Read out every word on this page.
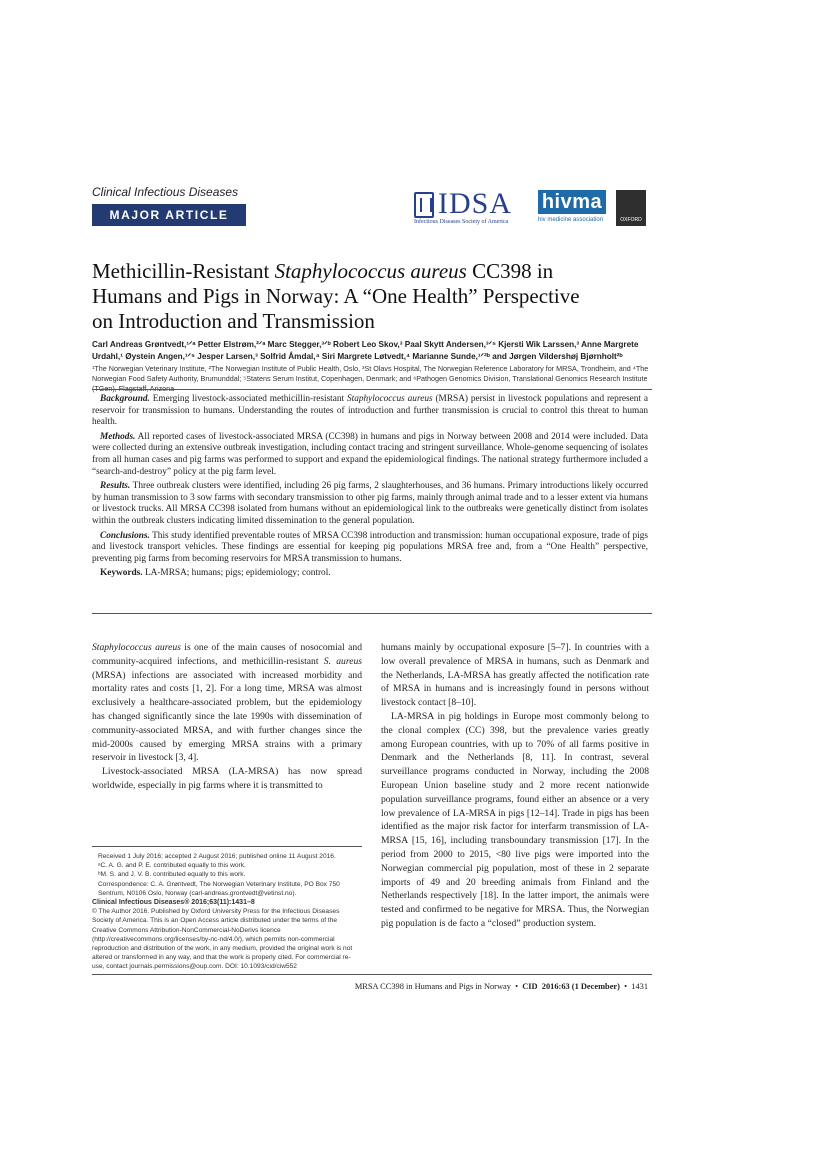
Clinical Infectious Diseases
MAJOR ARTICLE	IDSA
Infectious Diseases Society of America
hivma
hiv medicine association	OXFORD
Methicillin-Resistant Staphylococcus aureus CC398 in
Humans and Pigs in Norway: A “One Health” Perspective
on Introduction and Transmission
Carl Andreas Grøntvedt,¹ᐟᵃ Petter Elstrøm,²ᐟᵃ Marc Stegger,³ᐟᵇ Robert Leo Skov,³ Paal Skytt Andersen,³ᐟ⁵ Kjersti Wik Larssen,³ Anne Margrete Urdahl,¹ Øystein Angen,¹ᐟ⁵ Jesper Larsen,³ Solfrid Åmdal,⁴ Siri Margrete Løtvedt,⁴ Marianne Sunde,¹ᐟ²ᵇ and Jørgen Vildershøj Bjørnholt²ᵇ
¹The Norwegian Veterinary Institute, ²The Norwegian Institute of Public Health, Oslo, ³St Olavs Hospital, The Norwegian Reference Laboratory for MRSA, Trondheim, and ⁴The Norwegian Food Safety Authority, Brumunddal; ⁵Statens Serum Institut, Copenhagen, Denmark; and ⁶Pathogen Genomics Division, Translational Genomics Research Institute (TGen), Flagstaff, Arizona

Background. Emerging livestock-associated methicillin-resistant Staphylococcus aureus (MRSA) persist in livestock populations and represent a reservoir for transmission to humans. Understanding the routes of introduction and further transmission is crucial to control this threat to human health.

Methods. All reported cases of livestock-associated MRSA (CC398) in humans and pigs in Norway between 2008 and 2014 were included. Data were collected during an extensive outbreak investigation, including contact tracing and stringent surveillance. Whole-genome sequencing of isolates from all human cases and pig farms was performed to support and expand the epidemiological findings. The national strategy furthermore included a “search-and-destroy” policy at the pig farm level.

Results. Three outbreak clusters were identified, including 26 pig farms, 2 slaughterhouses, and 36 humans. Primary introductions likely occurred by human transmission to 3 sow farms with secondary transmission to other pig farms, mainly through animal trade and to a lesser extent via humans or livestock trucks. All MRSA CC398 isolated from humans without an epidemiological link to the outbreaks were genetically distinct from isolates within the outbreak clusters indicating limited dissemination to the general population.

Conclusions. This study identified preventable routes of MRSA CC398 introduction and transmission: human occupational exposure, trade of pigs and livestock transport vehicles. These findings are essential for keeping pig populations MRSA free and, from a “One Health” perspective, preventing pig farms from becoming reservoirs for MRSA transmission to humans.

Keywords. LA-MRSA; humans; pigs; epidemiology; control.

Staphylococcus aureus is one of the main causes of nosocomial and community-acquired infections, and methicillin-resistant S. aureus (MRSA) infections are associated with increased morbidity and mortality rates and costs [1, 2]. For a long time, MRSA was almost exclusively a healthcare-associated problem, but the epidemiology has changed significantly since the late 1990s with dissemination of community-associated MRSA, and with further changes since the mid-2000s caused by emerging MRSA strains with a primary reservoir in livestock [3, 4].

Livestock-associated MRSA (LA-MRSA) has now spread worldwide, especially in pig farms where it is transmitted to

Received 1 July 2016; accepted 2 August 2016; published online 11 August 2016.

ᵃC. A. G. and P. E. contributed equally to this work.

ᵇM. S. and J. V. B. contributed equally to this work.

Correspondence: C. A. Grøntvedt, The Norwegian Veterinary Institute, PO Box 750 Sentrum, N0106 Oslo, Norway (carl-andreas.grontvedt@vetinst.no).

Clinical Infectious Diseases® 2016;63(11):1431–8

© The Author 2016. Published by Oxford University Press for the Infectious Diseases Society of America. This is an Open Access article distributed under the terms of the Creative Commons Attribution-NonCommercial-NoDerivs licence (http://creativecommons.org/licenses/by-nc-nd/4.0/), which permits non-commercial reproduction and distribution of the work, in any medium, provided the original work is not altered or transformed in any way, and that the work is properly cited. For commercial re-use, contact journals.permissions@oup.com. DOI: 10.1093/cid/ciw552

humans mainly by occupational exposure [5–7]. In countries with a low overall prevalence of MRSA in humans, such as Denmark and the Netherlands, LA-MRSA has greatly affected the notification rate of MRSA in humans and is increasingly found in persons without livestock contact [8–10].

LA-MRSA in pig holdings in Europe most commonly belong to the clonal complex (CC) 398, but the prevalence varies greatly among European countries, with up to 70% of all farms positive in Denmark and the Netherlands [8, 11]. In contrast, several surveillance programs conducted in Norway, including the 2008 European Union baseline study and 2 more recent nationwide population surveillance programs, found either an absence or a very low prevalence of LA-MRSA in pigs [12–14]. Trade in pigs has been identified as the major risk factor for interfarm transmission of LA-MRSA [15, 16], including transboundary transmission [17]. In the period from 2000 to 2015, <80 live pigs were imported into the Norwegian commercial pig population, most of these in 2 separate imports of 49 and 20 breeding animals from Finland and the Netherlands respectively [18]. In the latter import, the animals were tested and confirmed to be negative for MRSA. Thus, the Norwegian pig population is de facto a “closed” production system.

MRSA CC398 in Humans and Pigs in Norway  •  CID 2016:63 (1 December)  •  1431
